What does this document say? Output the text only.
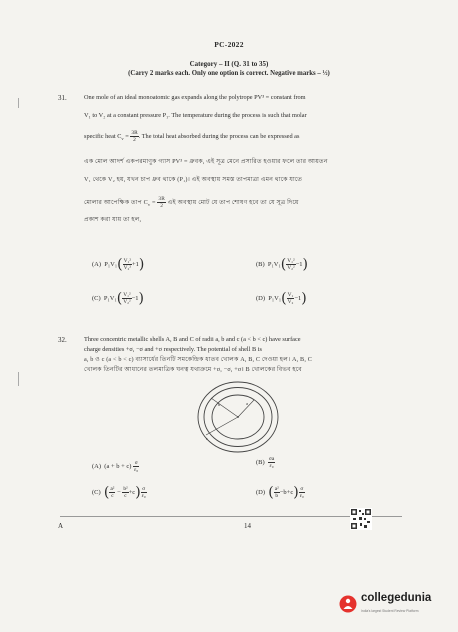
PC-2022
Category – II (Q. 31 to 35)
(Carry 2 marks each. Only one option is correct. Negative marks – ½)
31.	One mole of an ideal monoatomic gas expands along the polytrope PV³ = constant from
V₁ to V₂ at a constant pressure P₁. The temperature during the process is such that molar
specific heat $C_v = \frac{3R}{2}$ . The total heat absorbed during the process can be expressed as
এক মোল আদর্শ একপরমাণুক গ্যাস PV³ = ধ্রুবক, এই সূত্র মেনে প্রসারিত হওয়ার ফলে তার আয়তন
V₁ থেকে V₂ হয়, যখন চাপ ধ্রুব থাকে (P₁)। এই অবস্থায় সমস্ত তাপমাত্রা এমন থাকে যাতে
মোলার আপেক্ষিক তাপ $C_v = \frac{3R}{2}$ এই অবস্থায় মোট যে তাপ শোষণ হবে তা যে সূত্র দিয়ে
প্রকাশ করা যায় তা হল,
(A) $P_1V_1( \frac{\text{V₁²}}{\text{V₂²}} +1)$	(B) $P_1V_1( \frac{\text{V₁²}}{\text{V₂²}} -1)$
(C) $P_1V_1( \frac{\text{V₁²}}{\text{V₂²}} -1)$	(D) $P_1V_1( \frac{\text{V₁}}{\text{V₂}} -1)$
32.	Three concentric metallic shells A, B and C of radii a, b and c (a < b < c) have surface
charge densities +σ, −σ and +σ respectively. The potential of shell B is
a, b ও c (a < b < c) ব্যাসার্ধের তিনটি সমকেন্দ্রিক ধাতব খোলক A, B, C দেওয়া হল। A, B, C
খোলক তিনটির আধানের তলমাত্রিক ঘনত্ব যথাক্রমে +σ, −σ, +σ। B খোলকের বিভব হবে
a
b
c
(A) $(a + b + c) \frac{\sigma}{\text{ε₀}}$	$(B) \frac{\sigma a}{\text{ε₀}}$
(C) ( $\frac{\text{a²}}{c} - \frac{\text{b²}}{c} +c) \frac{\sigma}{\text{ε₀}}$	(D) ( $\frac{\text{a²}}{b} -b+c) \frac{\sigma}{\text{ε₀}}$
A	14
collegedunia
India's largest Student Review Platform
